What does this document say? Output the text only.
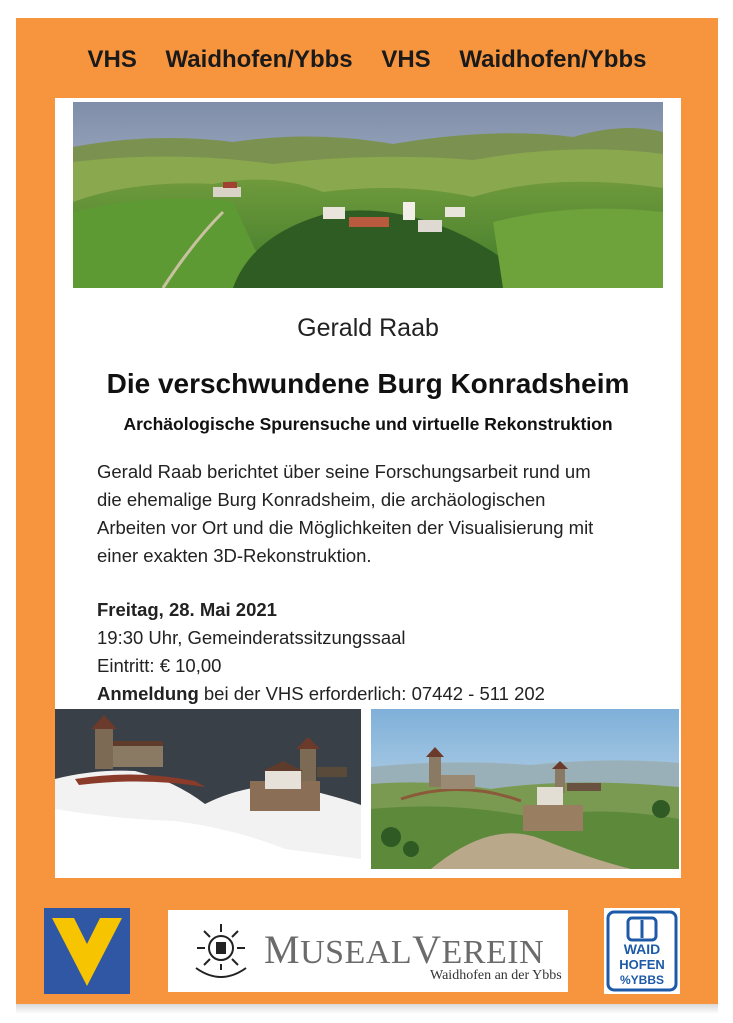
VHS Waidhofen/Ybbs VHS Waidhofen/Ybbs
Gerald Raab
Die verschwundene Burg Konradsheim
Archäologische Spurensuche und virtuelle Rekonstruktion
Gerald Raab berichtet über seine Forschungsarbeit rund um
die ehemalige Burg Konradsheim, die archäologischen
Arbeiten vor Ort und die Möglichkeiten der Visualisierung mit
einer exakten 3D-Rekonstruktion.
Freitag, 28. Mai 2021
19:30 Uhr, Gemeinderatssitzungssaal
Eintritt: € 10,00
Anmeldung bei der VHS erforderlich: 07442 - 511 202
MUSEALVEREIN
Waidhofen an der Ybbs
WAID
HOFEN
%YBBS
